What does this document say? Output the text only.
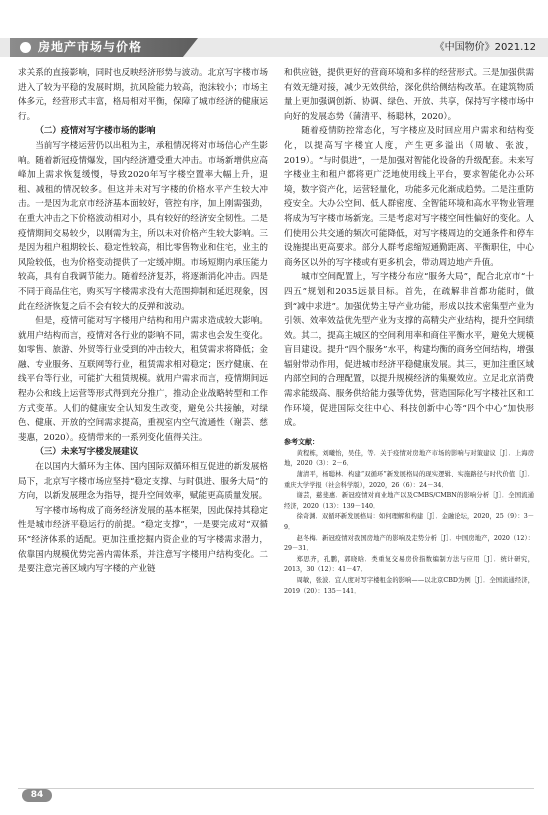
房地产市场与价格	《中国物价》2021.12

求关系的直接影响，同时也反映经济形势与波动。北京写字楼市场进入了较为平稳的发展时期，抗风险能力较高，泡沫较小；市场主体多元，经营形式丰富，格局相对平衡，保障了城市经济的健康运行。

（二）疫情对写字楼市场的影响

当前写字楼运营仍以出租为主，承租情况将对市场信心产生影响。随着新冠疫情爆发，国内经济遭受重大冲击。市场新增供应高峰加上需求恢复缓慢，导致2020年写字楼空置率大幅上升，退租、减租的情况较多。但这并未对写字楼的价格水平产生较大冲击。一是因为北京市经济基本面较好，管控有序，加上刚需强劲，在重大冲击之下价格波动相对小，具有较好的经济安全韧性。二是疫情期间交易较少，以刚需为主，所以未对价格产生较大影响。三是因为租户租期较长、稳定性较高，相比零售物业和住宅，业主的风险较低，也为价格变动提供了一定缓冲期。市场短期内承压能力较高，具有自我调节能力。随着经济复苏，将逐渐消化冲击。四是不同于商品住宅，购买写字楼需求没有大范围抑制和延迟现象，因此在经济恢复之后不会有较大的反弹和波动。

但是，疫情可能对写字楼用户结构和用户需求造成较大影响。就用户结构而言，疫情对各行业的影响不同，需求也会发生变化。如零售、旅游、外贸等行业受到的冲击较大，租赁需求将降低；金融、专业服务、互联网等行业，租赁需求相对稳定；医疗健康、在线平台等行业，可能扩大租赁规模。就用户需求而言，疫情期间远程办公和线上运营等形式得到充分推广，推动企业战略转型和工作方式变革。人们的健康安全认知发生改变，避免公共接触，对绿色、健康、开放的空间需求提高，重视室内空气流通性（谢芸、慈斐惠，2020）。疫情带来的一系列变化值得关注。

（三）未来写字楼发展建议

在以国内大循环为主体、国内国际双循环相互促进的新发展格局下，北京写字楼市场应坚持“稳定支撑、与时俱进、服务大局”的方向，以新发展理念为指导，提升空间效率，赋能更高质量发展。

写字楼市场构成了商务经济发展的基本框架，因此保持其稳定性是城市经济平稳运行的前提。“稳定支撑”，一是要完成对“双循环”经济体系的适配。更加注重挖掘内资企业的写字楼需求潜力，依靠国内规模优势完善内需体系，并注意写字楼用户结构变化。二是要注意完善区域内写字楼的产业链

和供应链，提供更好的营商环境和多样的经营形式。三是加强供需有效无缝对接，减少无效供给，深化供给侧结构改革。在建筑物质量上更加强调创新、协调、绿色、开放、共享，保持写字楼市场中向好的发展态势（蒲清平、杨聪林，2020）。

随着疫情防控常态化，写字楼应及时回应用户需求和结构变化，以提高写字楼宜人度，产生更多溢出（周敏、张波，2019）。“与时俱进”，一是加强对智能化设备的升级配套。未来写字楼业主和租户都将更广泛地使用线上平台，要求智能化办公环境，数字资产化，运营轻量化，功能多元化渐成趋势。二是注重防疫安全。大办公空间、低人群密度、全智能环境和高水平物业管理将成为写字楼市场新宠。三是考虑对写字楼空间性偏好的变化。人们使用公共交通的频次可能降低，对写字楼周边的交通条件和停车设施提出更高要求。部分人群考虑缩短通勤距离、平衡职住，中心商务区以外的写字楼或有更多机会，带动周边地产升值。

城市空间配置上，写字楼分布应“服务大局”，配合北京市“十四五”规划和2035远景目标。首先，在疏解非首都功能时，做到“减中求进”。加强优势主导产业功能，形成以技术密集型产业为引领、效率效益优先型产业为支撑的高精尖产业结构，提升空间绩效。其二，提高主城区的空间利用率和商住平衡水平，避免大规模盲目建设。提升“四个服务”水平，构建均衡的商务空间结构，增强辐射带动作用，促进城市经济平稳健康发展。其三，更加注重区域内部空间的合理配置，以提升规模经济的集聚效应。立足北京消费需求能级高、服务供给能力强等优势，营造国际化写字楼社区和工作环境，促进国际交往中心、科技创新中心等“四个中心”加快形成。

参考文献：

黄程栋，刘曦怡，吴佳，等．关于疫情对房地产市场的影响与对策建议［J］．上海房地，2020（3）：2－6．

蒲清平，杨聪林．构建“双循环”新发展格局的现实逻辑、实施路径与时代价值［J］．重庆大学学报（社会科学版），2020，26（6）：24－34．

谢芸，慈斐惠．新冠疫情对商业地产以及CMBS/CMBN的影响分析［J］．全国流通经济，2020（13）：139－140．

徐奇渊．双循环新发展格局：如何理解和构建［J］．金融论坛，2020，25（9）：3－9．

赵冬梅．新冠疫情对我国房地产的影响及走势分析［J］．中国房地产，2020（12）：29－31．

郑思齐，孔鹏，郭晓晗．类重复交易房价指数编制方法与应用［J］．统计研究，2013，30（12）：41－47．

周敏，张波．宜人度对写字楼租金的影响——以北京CBD为例［J］．全国流通经济，2019（20）：135－141．

84
